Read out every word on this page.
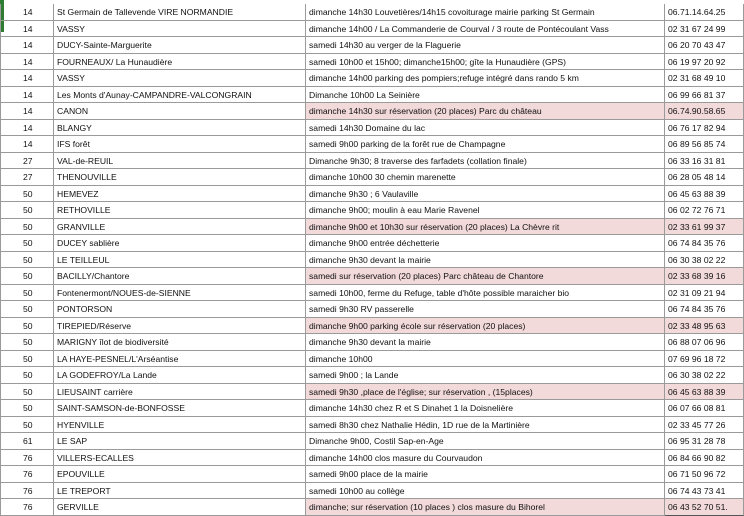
14	St Germain de Tallevende VIRE NORMANDIE	dimanche 14h30 Louvetières/14h15 covoiturage mairie parking St Germain	06.71.14.64.25
14	VASSY	dimanche 14h00 / La Commanderie de Courval / 3 route de Pontécoulant Vass	02 31 67 24 99
14	DUCY-Sainte-Marguerite	samedi 14h30 au verger de la Flaguerie	06 20 70 43 47
14	FOURNEAUX/ La Hunaudière	samedi 10h00 et 15h00; dimanche15h00; gîte la Hunaudière (GPS)	06 19 97 20 92
14	VASSY	dimanche 14h00 parking des pompiers;refuge intégré dans rando 5 km	02 31 68 49 10
14	Les Monts d'Aunay-CAMPANDRE-VALCONGRAIN	Dimanche 10h00 La Seinière	06 99 66 81 37
14	CANON	dimanche 14h30 sur réservation (20 places) Parc du château	06.74.90.58.65
14	BLANGY	samedi 14h30 Domaine du lac	06 76 17 82 94
14	IFS forêt	samedi 9h00 parking de la forêt rue de Champagne	06 89 56 85 74
27	VAL-de-REUIL	Dimanche 9h30; 8 traverse des farfadets (collation finale)	06 33 16 31 81
27	THENOUVILLE	dimanche 10h00 30 chemin marenette	06 28 05 48 14
50	HEMEVEZ	dimanche 9h30 ; 6 Vaulaville	06 45 63 88 39
50	RETHOVILLE	dimanche 9h00; moulin à eau Marie Ravenel	06 02 72 76 71
50	GRANVILLE	dimanche 9h00 et 10h30 sur réservation (20 places) La Chèvre rit	02 33 61 99 37
50	DUCEY sablière	dimanche 9h00 entrée déchetterie	06 74 84 35 76
50	LE TEILLEUL	dimanche 9h30 devant la mairie	06 30 38 02 22
50	BACILLY/Chantore	samedi sur réservation (20 places) Parc château de Chantore	02 33 68 39 16
50	Fontenermont/NOUES-de-SIENNE	samedi 10h00, ferme du Refuge, table d'hôte possible maraicher bio	02 31 09 21 94
50	PONTORSON	samedi 9h30 RV passerelle	06 74 84 35 76
50	TIREPIED/Réserve	dimanche 9h00 parking école sur réservation (20 places)	02 33 48 95 63
50	MARIGNY îlot de biodiversité	dimanche 9h30 devant la mairie	06 88 07 06 96
50	LA HAYE-PESNEL/L'Arséantise	dimanche 10h00	07 69 96 18 72
50	LA GODEFROY/La Lande	samedi 9h00 ; la Lande	06 30 38 02 22
50	LIEUSAINT carrière	samedi 9h30 ,place de l'église; sur réservation , (15places)	06 45 63 88 39
50	SAINT-SAMSON-de-BONFOSSE	dimanche 14h30 chez R et S Dinahet 1 la Doisnelière	06 07 66 08 81
50	HYENVILLE	samedi 8h30 chez Nathalie Hédin, 1D rue de la Martinière	02 33 45 77 26
61	LE SAP	Dimanche 9h00, Costil Sap-en-Age	06 95 31 28 78
76	VILLERS-ECALLES	dimanche 14h00 clos masure du Courvaudon	06 84 66 90 82
76	EPOUVILLE	samedi 9h00 place de la mairie	06 71 50 96 72
76	LE TREPORT	samedi 10h00 au collège	06 74 43 73 41
76	GERVILLE	dimanche; sur réservation (10 places ) clos masure du Bihorel	06 43 52 70 51.
